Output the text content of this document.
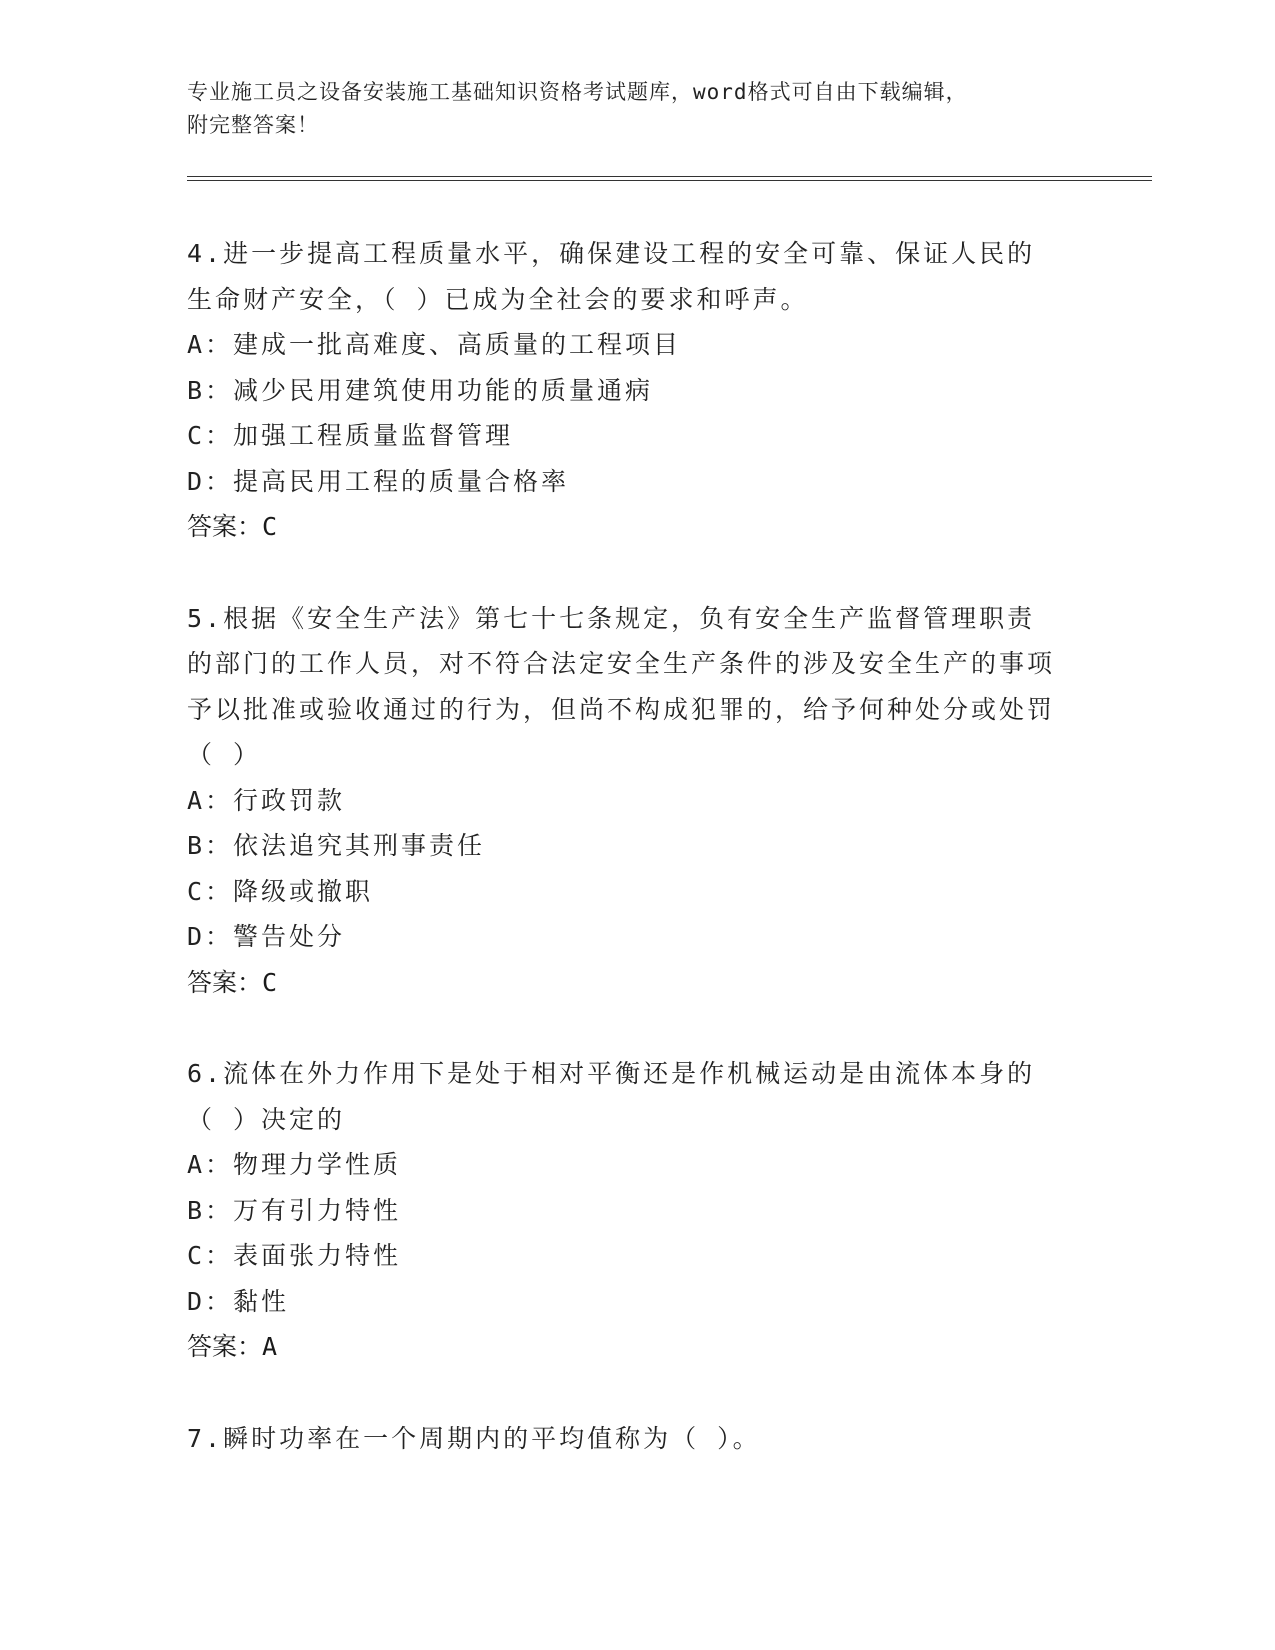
专业施工员之设备安装施工基础知识资格考试题库，word格式可自由下载编辑，
附完整答案！

4.进一步提高工程质量水平，确保建设工程的安全可靠、保证人民的生命财产安全，（ ）已成为全社会的要求和呼声。

A：建成一批高难度、高质量的工程项目

B：减少民用建筑使用功能的质量通病

C：加强工程质量监督管理

D：提高民用工程的质量合格率

答案：C

5.根据《安全生产法》第七十七条规定，负有安全生产监督管理职责的部门的工作人员，对不符合法定安全生产条件的涉及安全生产的事项予以批准或验收通过的行为，但尚不构成犯罪的，给予何种处分或处罚（ ）

A：行政罚款

B：依法追究其刑事责任

C：降级或撤职

D：警告处分

答案：C

6.流体在外力作用下是处于相对平衡还是作机械运动是由流体本身的（ ）决定的

A：物理力学性质

B：万有引力特性

C：表面张力特性

D：黏性

答案：A

7.瞬时功率在一个周期内的平均值称为（ ）。
